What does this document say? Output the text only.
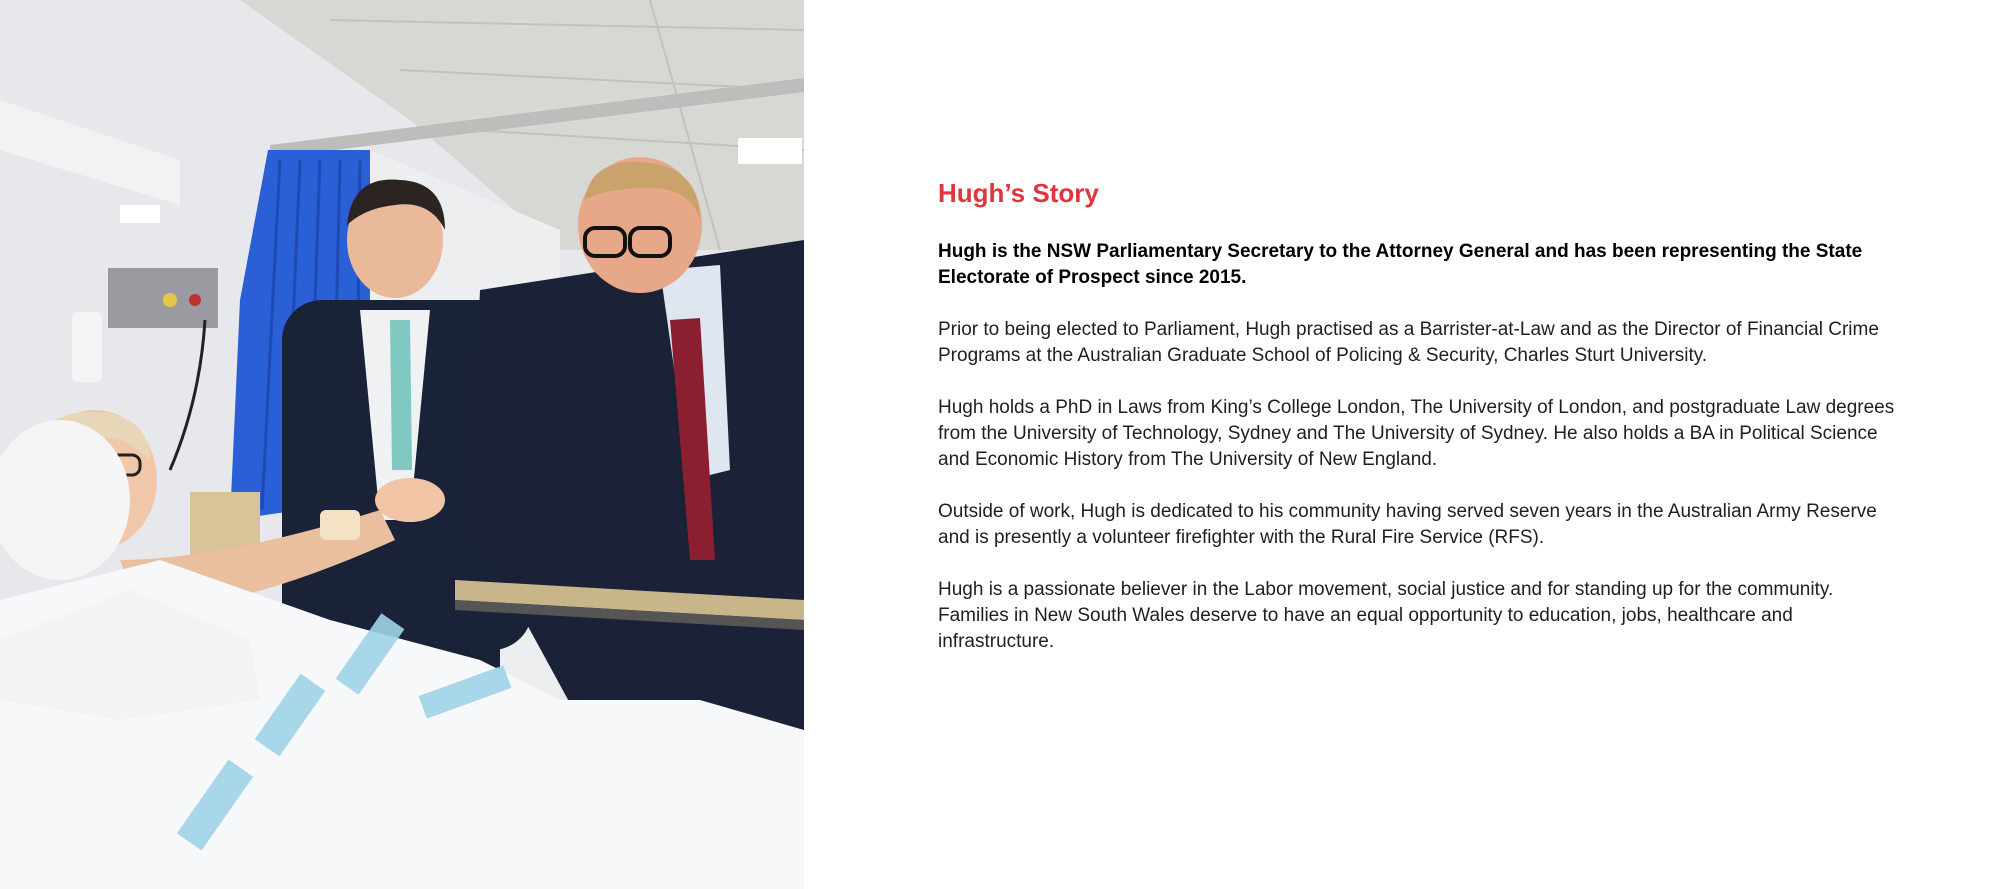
Hugh’s Story

Hugh is the NSW Parliamentary Secretary to the Attorney General and has been representing the State Electorate of Prospect since 2015.

Prior to being elected to Parliament, Hugh practised as a Barrister-at-Law and as the Director of Financial Crime Programs at the Australian Graduate School of Policing & Security, Charles Sturt University.

Hugh holds a PhD in Laws from King’s College London, The University of London, and postgraduate Law degrees from the University of Technology, Sydney and The University of Sydney. He also holds a BA in Political Science and Economic History from The University of New England.

Outside of work, Hugh is dedicated to his community having served seven years in the Australian Army Reserve and is presently a volunteer firefighter with the Rural Fire Service (RFS).

Hugh is a passionate believer in the Labor movement, social justice and for standing up for the community. Families in New South Wales deserve to have an equal opportunity to education, jobs, healthcare and infrastructure.
